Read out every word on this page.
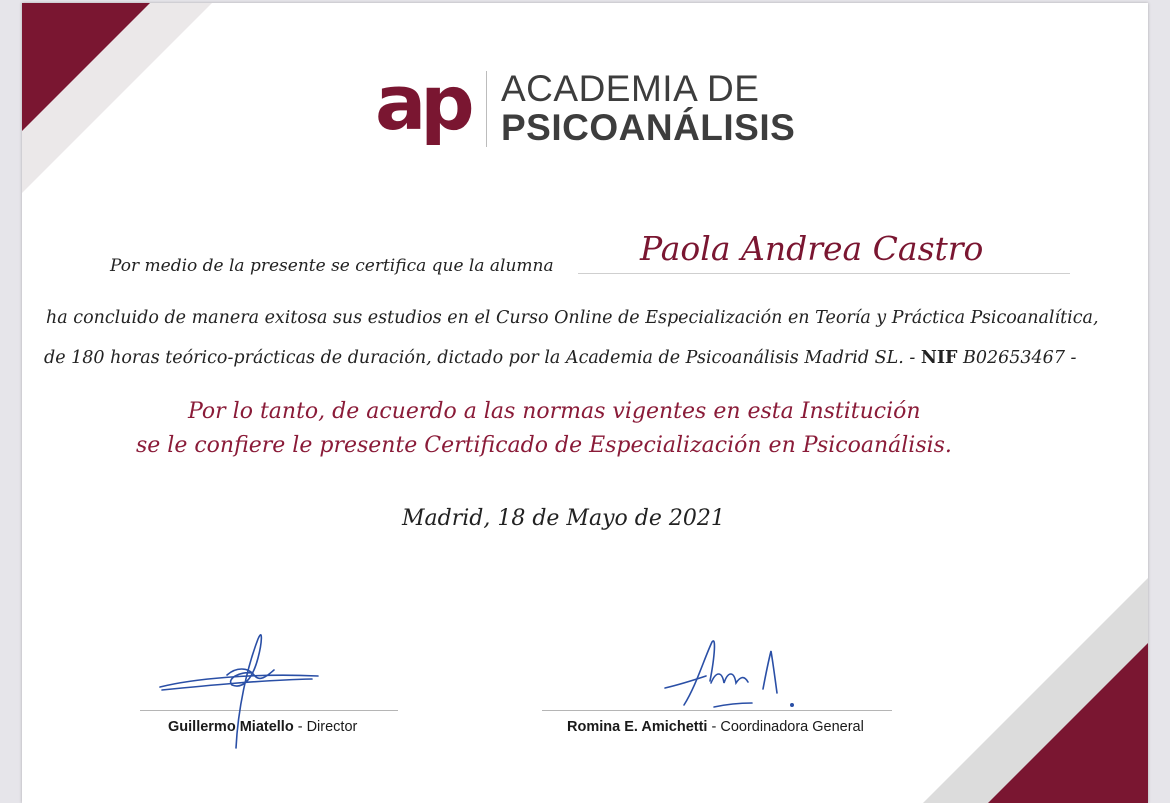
ap ACADEMIA DE
PSICOANÁLISIS
Por medio de la presente se certifica que la alumna	Paola Andrea Castro
ha concluido de manera exitosa sus estudios en el Curso Online de Especialización en Teoría y Práctica Psicoanalítica,
de 180 horas teórico-prácticas de duración, dictado por la Academia de Psicoanálisis Madrid SL. - NIF B02653467 -
Por lo tanto, de acuerdo a las normas vigentes en esta Institución
se le confiere le presente Certificado de Especialización en Psicoanálisis.
Madrid, 18 de Mayo de 2021
Guillermo Miatello - Director	Romina E. Amichetti - Coordinadora General
